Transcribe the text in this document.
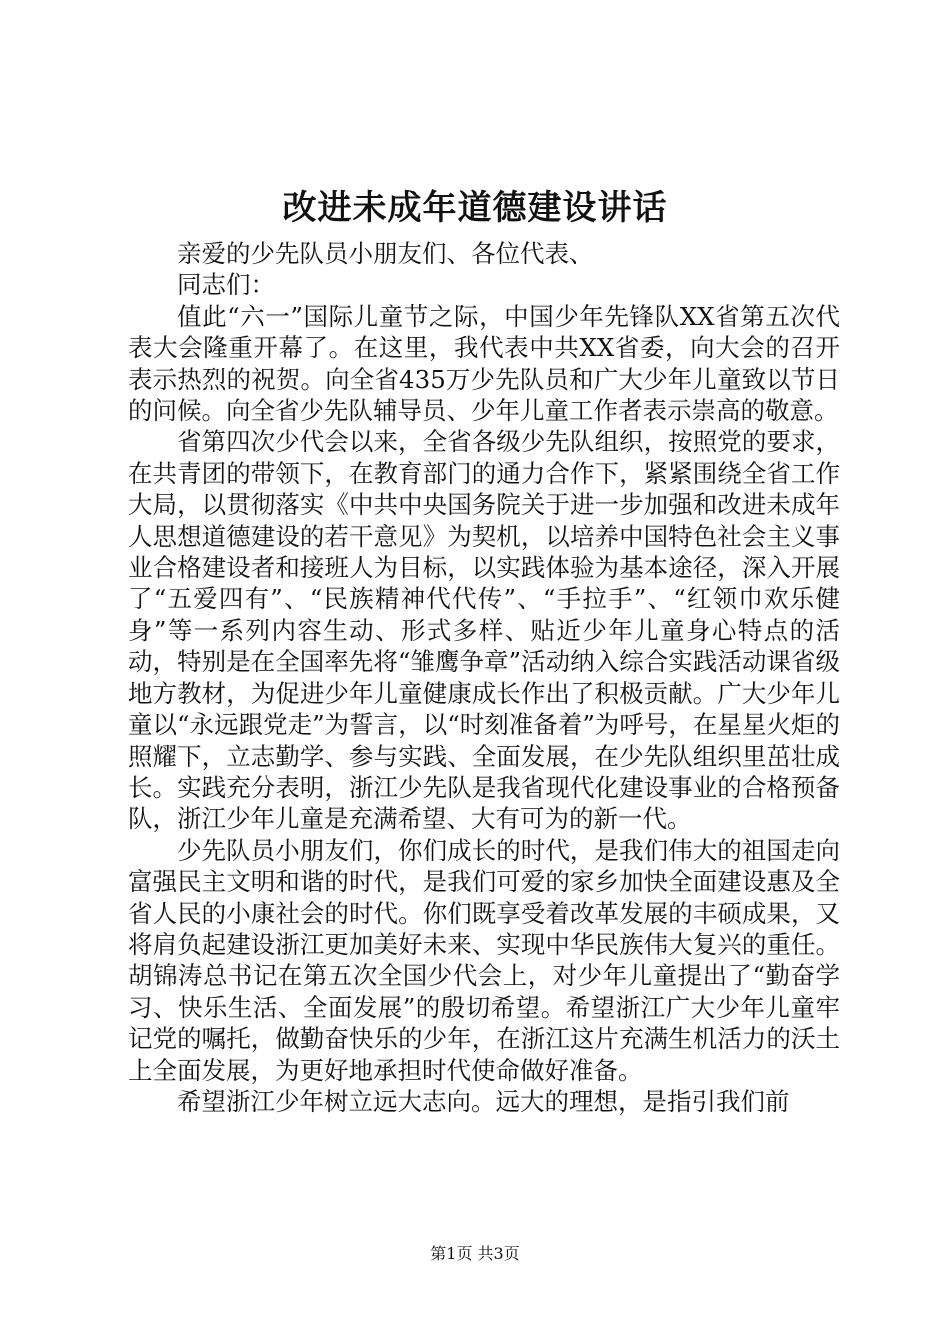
改进未成年道德建设讲话

亲爱的少先队员小朋友们、各位代表、

同志们：

值此“六一”国际儿童节之际，中国少年先锋队XX省第五次代表大会隆重开幕了。在这里，我代表中共XX省委，向大会的召开表示热烈的祝贺。向全省435万少先队员和广大少年儿童致以节日的问候。向全省少先队辅导员、少年儿童工作者表示崇高的敬意。

省第四次少代会以来，全省各级少先队组织，按照党的要求，在共青团的带领下，在教育部门的通力合作下，紧紧围绕全省工作大局，以贯彻落实《中共中央国务院关于进一步加强和改进未成年人思想道德建设的若干意见》为契机，以培养中国特色社会主义事业合格建设者和接班人为目标，以实践体验为基本途径，深入开展了“五爱四有”、“民族精神代代传”、“手拉手”、“红领巾欢乐健身”等一系列内容生动、形式多样、贴近少年儿童身心特点的活动，特别是在全国率先将“雏鹰争章”活动纳入综合实践活动课省级地方教材，为促进少年儿童健康成长作出了积极贡献。广大少年儿童以“永远跟党走”为誓言，以“时刻准备着”为呼号，在星星火炬的照耀下，立志勤学、参与实践、全面发展，在少先队组织里茁壮成长。实践充分表明，浙江少先队是我省现代化建设事业的合格预备队，浙江少年儿童是充满希望、大有可为的新一代。

少先队员小朋友们，你们成长的时代，是我们伟大的祖国走向富强民主文明和谐的时代，是我们可爱的家乡加快全面建设惠及全省人民的小康社会的时代。你们既享受着改革发展的丰硕成果，又将肩负起建设浙江更加美好未来、实现中华民族伟大复兴的重任。胡锦涛总书记在第五次全国少代会上，对少年儿童提出了“勤奋学习、快乐生活、全面发展”的殷切希望。希望浙江广大少年儿童牢记党的嘱托，做勤奋快乐的少年，在浙江这片充满生机活力的沃土上全面发展，为更好地承担时代使命做好准备。

希望浙江少年树立远大志向。远大的理想，是指引我们前

第1页 共3页
